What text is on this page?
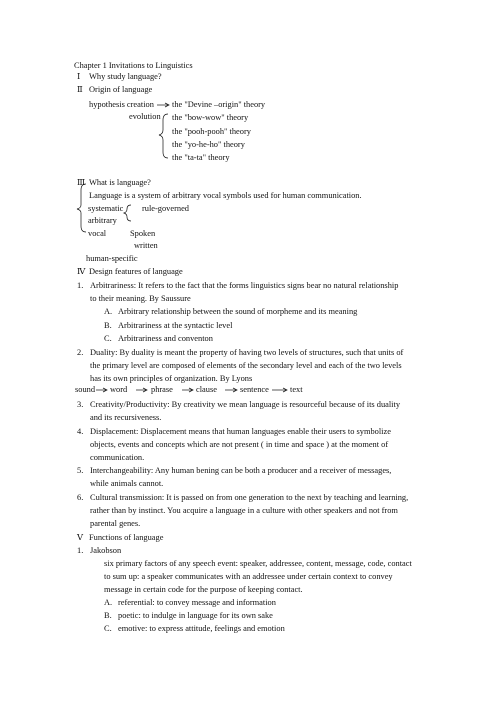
Chapter 1 Invitations to Linguistics
Ⅰ Why study language?
Ⅱ Origin of language
hypothesis creation the "Devine –origin" theory
evolution the "bow-wow" theory
the "pooh-pooh" theory
the "yo-he-ho" theory
the "ta-ta" theory
Ⅲ What is language?
Language is a system of arbitrary vocal symbols used for human communication.
systematic rule-governed
arbitrary
vocal	Spoken
written
human-specific
Ⅳ Design features of language
1. Arbitrariness: It refers to the fact that the forms linguistics signs bear no natural relationship
to their meaning. By Saussure
A. Arbitrary relationship between the sound of morpheme and its meaning
B. Arbitrariness at the syntactic level
C. Arbitrariness and conventon
2. Duality: By duality is meant the property of having two levels of structures, such that units of
the primary level are composed of elements of the secondary level and each of the two levels
has its own principles of organization. By Lyons
sound word	phrase	clause	sentence	text
3. Creativity/Productivity: By creativity we mean language is resourceful because of its duality
and its recursiveness.
4. Displacement: Displacement means that human languages enable their users to symbolize
objects, events and concepts which are not present ( in time and space ) at the moment of
communication.
5. Interchangeability: Any human bening can be both a producer and a receiver of messages,
while animals cannot.
6. Cultural transmission: It is passed on from one generation to the next by teaching and learning,
rather than by instinct. You acquire a language in a culture with other speakers and not from
parental genes.
Ⅴ Functions of language
1. Jakobson
six primary factors of any speech event: speaker, addressee, content, message, code, contact
to sum up: a speaker communicates with an addressee under certain context to convey
message in certain code for the purpose of keeping contact.
A. referential: to convey message and information
B. poetic: to indulge in language for its own sake
C. emotive: to express attitude, feelings and emotion
